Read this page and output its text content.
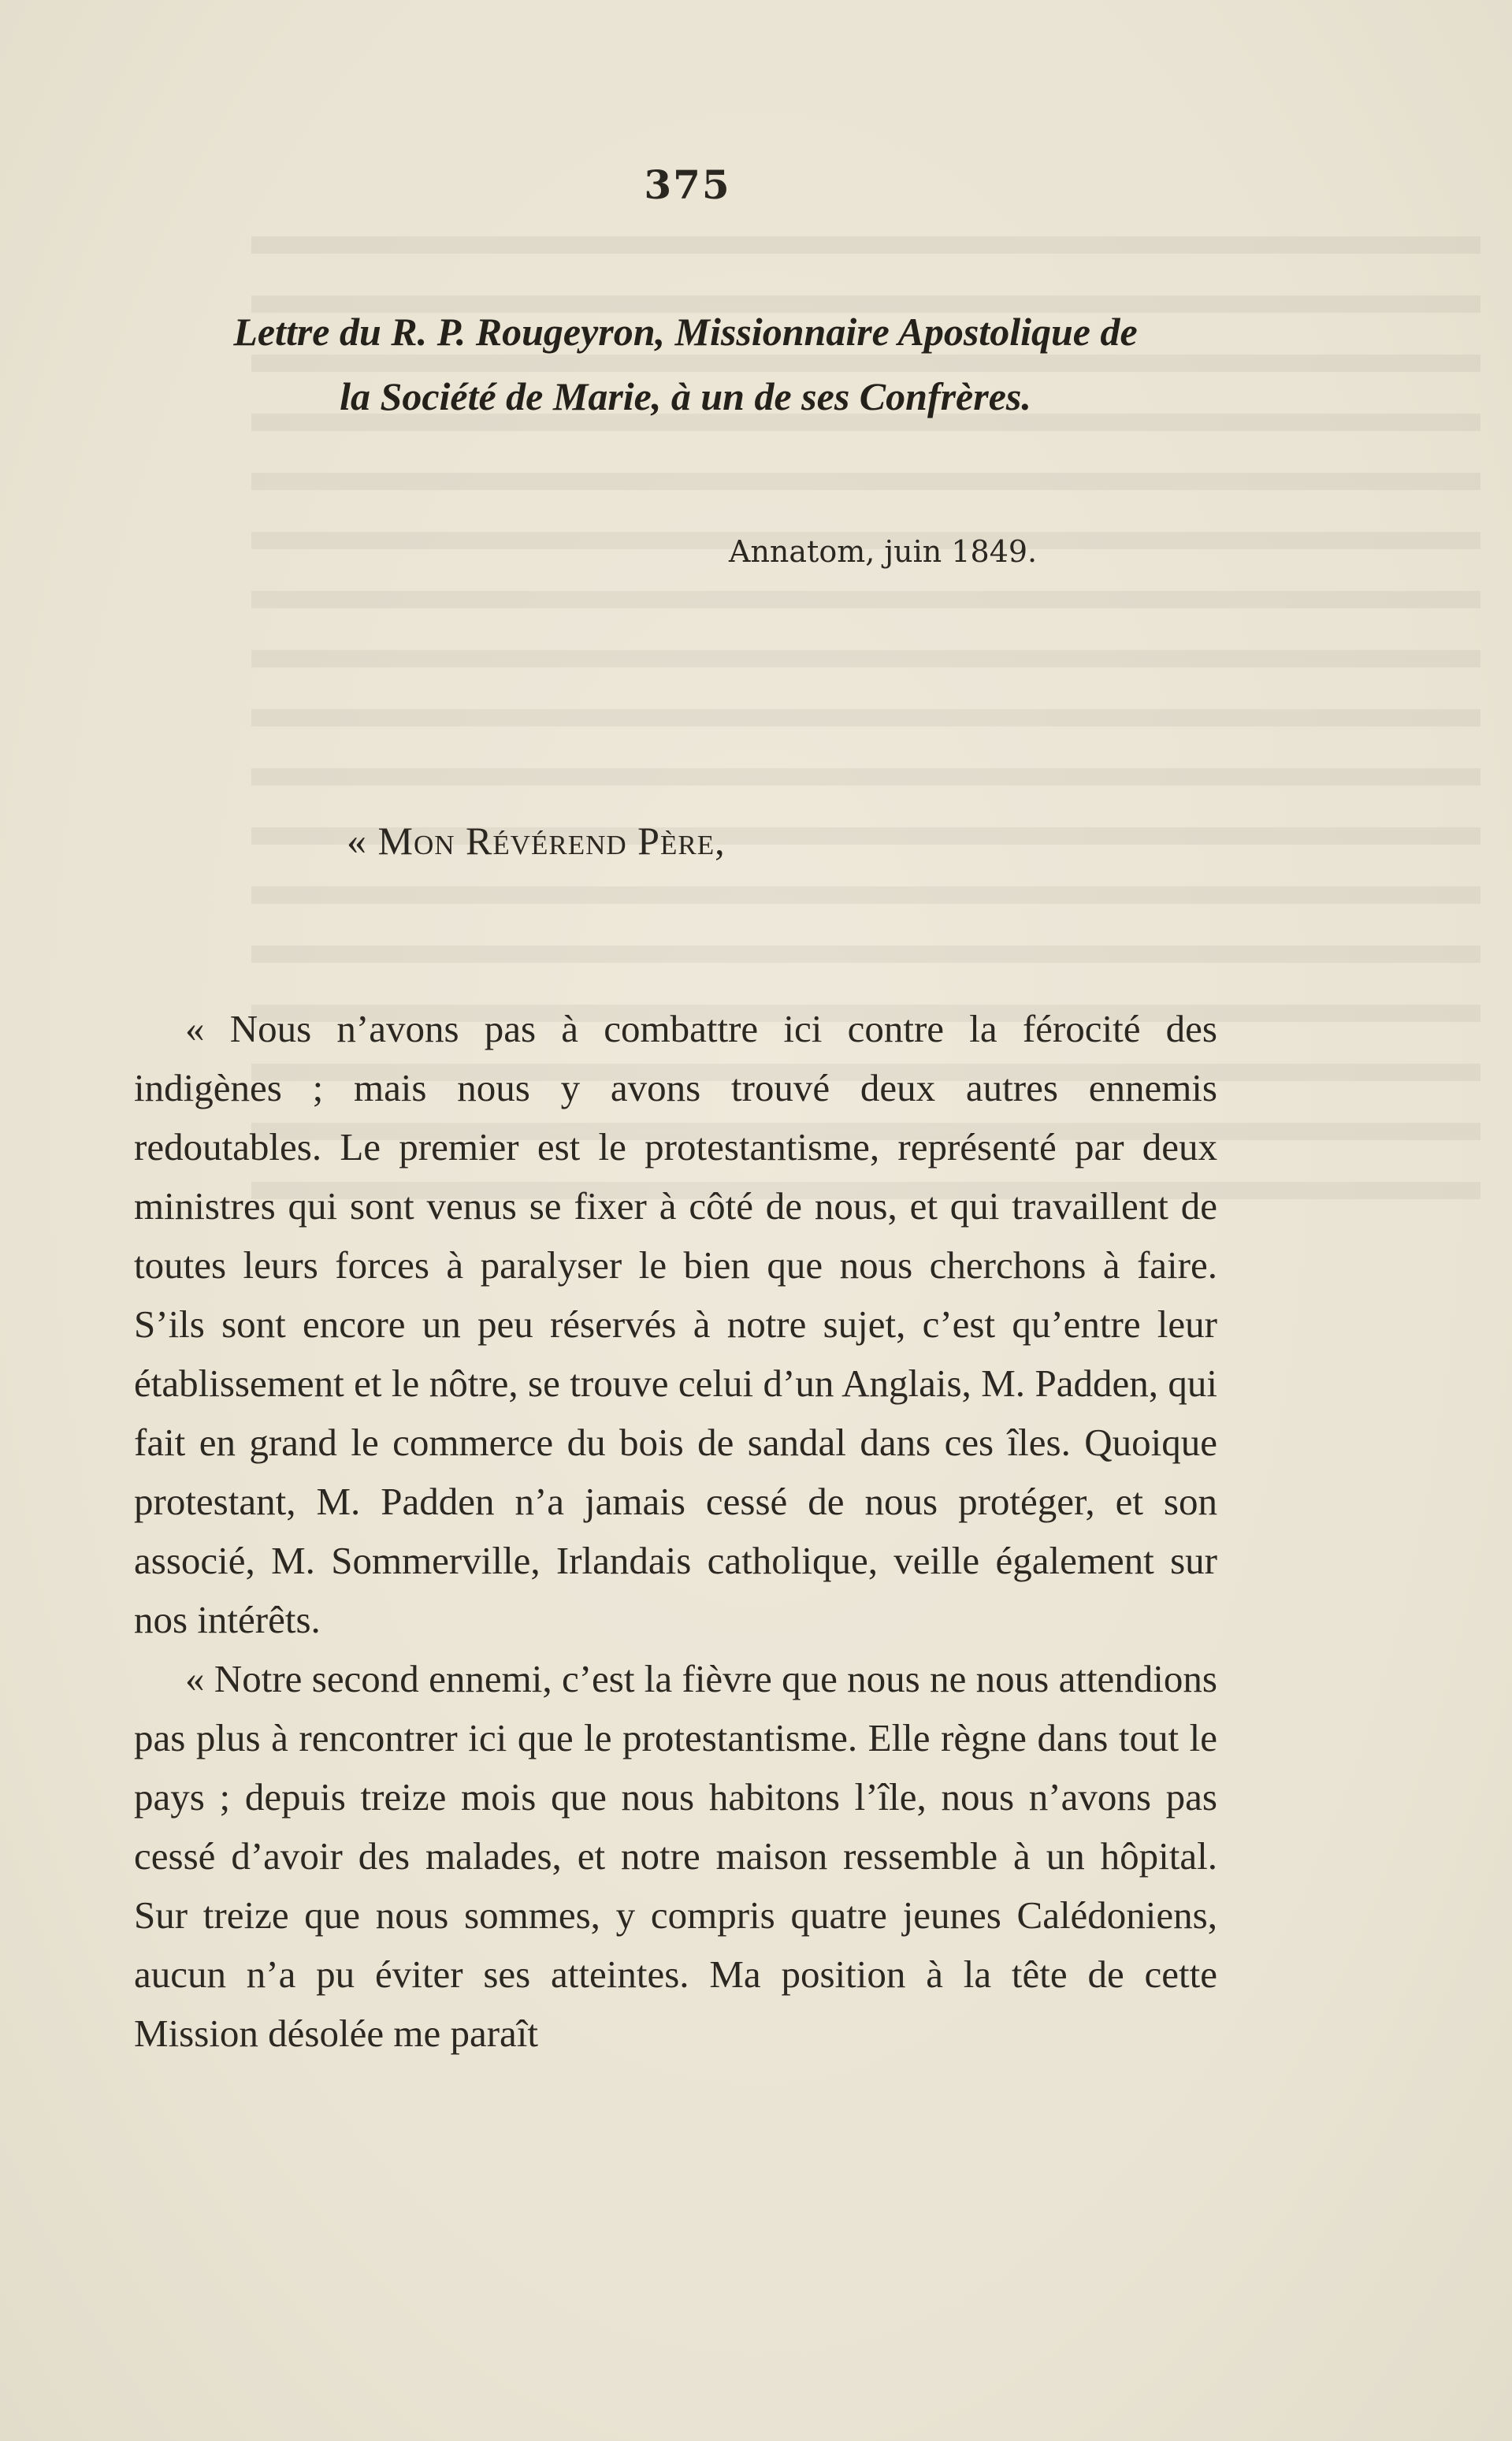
375
Lettre du R. P. Rougeyron, Missionnaire Apostolique de
la Société de Marie, à un de ses Confrères.
Annatom, juin 1849.
« Mon Révérend Père,

« Nous n’avons pas à combattre ici contre la férocité des indigènes ; mais nous y avons trouvé deux autres ennemis redoutables. Le premier est le protestantisme, représenté par deux ministres qui sont venus se fixer à côté de nous, et qui travaillent de toutes leurs forces à paralyser le bien que nous cherchons à faire. S’ils sont encore un peu réservés à notre sujet, c’est qu’entre leur établissement et le nôtre, se trouve celui d’un Anglais, M. Padden, qui fait en grand le commerce du bois de sandal dans ces îles. Quoique protestant, M. Padden n’a jamais cessé de nous protéger, et son associé, M. Sommerville, Irlandais catholique, veille également sur nos intérêts.

« Notre second ennemi, c’est la fièvre que nous ne nous attendions pas plus à rencontrer ici que le protestantisme. Elle règne dans tout le pays ; depuis treize mois que nous habitons l’île, nous n’avons pas cessé d’avoir des malades, et notre maison ressemble à un hôpital. Sur treize que nous sommes, y compris quatre jeunes Calédoniens, aucun n’a pu éviter ses atteintes. Ma position à la tête de cette Mission désolée me paraît
